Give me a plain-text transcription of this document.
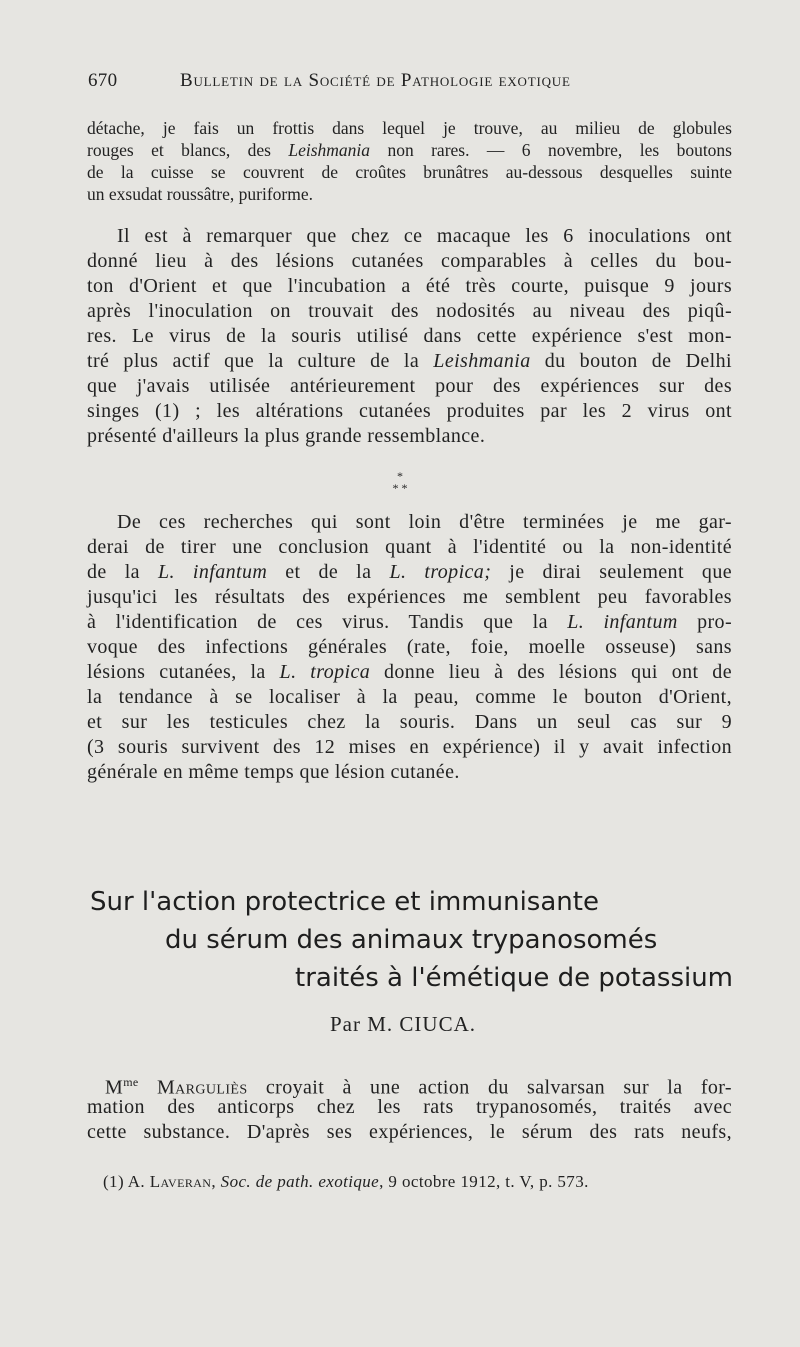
670	Bulletin de la Société de Pathologie exotique
détache, je fais un frottis dans lequel je trouve, au milieu de globules
rouges et blancs, des Leishmania non rares. — 6 novembre, les boutons
de la cuisse se couvrent de croûtes brunâtres au-dessous desquelles suinte
un exsudat roussâtre, puriforme.
Il est à remarquer que chez ce macaque les 6 inoculations ont
donné lieu à des lésions cutanées comparables à celles du bou-
ton d'Orient et que l'incubation a été très courte, puisque 9 jours
après l'inoculation on trouvait des nodosités au niveau des piqû-
res. Le virus de la souris utilisé dans cette expérience s'est mon-
tré plus actif que la culture de la Leishmania du bouton de Delhi
que j'avais utilisée antérieurement pour des expériences sur des
singes (1) ; les altérations cutanées produites par les 2 virus ont
présenté d'ailleurs la plus grande ressemblance.
*
* *
De ces recherches qui sont loin d'être terminées je me gar-
derai de tirer une conclusion quant à l'identité ou la non-identité
de la L. infantum et de la L. tropica; je dirai seulement que
jusqu'ici les résultats des expériences me semblent peu favorables
à l'identification de ces virus. Tandis que la L. infantum pro-
voque des infections générales (rate, foie, moelle osseuse) sans
lésions cutanées, la L. tropica donne lieu à des lésions qui ont de
la tendance à se localiser à la peau, comme le bouton d'Orient,
et sur les testicules chez la souris. Dans un seul cas sur 9
(3 souris survivent des 12 mises en expérience) il y avait infection
générale en même temps que lésion cutanée.
Sur l'action protectrice et immunisante
du sérum des animaux trypanosomés
traités à l'émétique de potassium
Par M. CIUCA.
$M^{me}$ Marguliès croyait à une action du salvarsan sur la for-
mation des anticorps chez les rats trypanosomés, traités avec
cette substance. D'après ses expériences, le sérum des rats neufs,
(1) A. Laveran, Soc. de path. exotique, 9 octobre 1912, t. V, p. 573.
